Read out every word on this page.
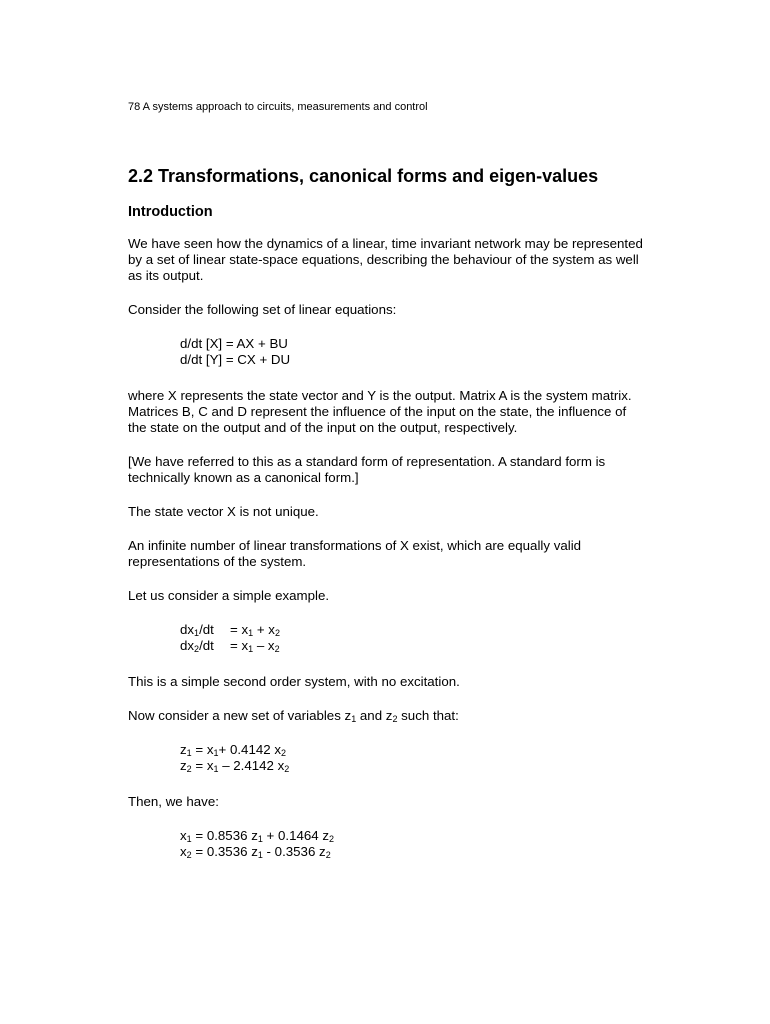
78 A systems approach to circuits, measurements and control
2.2 Transformations, canonical forms and eigen-values
Introduction

We have seen how the dynamics of a linear, time invariant network may be represented by a set of linear state-space equations, describing the behaviour of the system as well as its output.

Consider the following set of linear equations:

d/dt [X] = AX + BU
d/dt [Y] = CX + DU

where X represents the state vector and Y is the output. Matrix A is the system matrix. Matrices B, C and D represent the influence of the input on the state, the influence of the state on the output and of the input on the output, respectively.

[We have referred to this as a standard form of representation. A standard form is technically known as a canonical form.]

The state vector X is not unique.

An infinite number of linear transformations of X exist, which are equally valid representations of the system.

Let us consider a simple example.

$dx_1/dt = x_1 + x_2$
$dx_2/dt = x_1 - x_2$

This is a simple second order system, with no excitation.

Now consider a new set of variables $z_1$ and $z_2$ such that:

$z_1 = x_1+ 0.4142$ $x_2$
$z_2 = x_1 - 2.4142$ $x_2$

Then, we have:

$x_1 = 0.8536$ $z_1 + 0.1464$ $z_2$
$x_2 = 0.3536$ $z_1 - 0.3536$ $z_2$
